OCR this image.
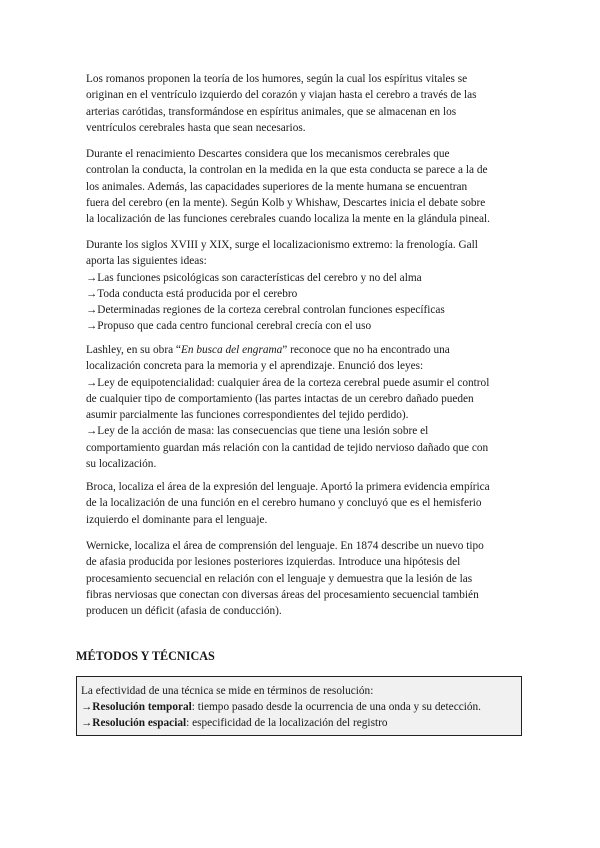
Los romanos proponen la teoría de los humores, según la cual los espíritus vitales se
originan en el ventrículo izquierdo del corazón y viajan hasta el cerebro a través de las
arterias carótidas, transformándose en espíritus animales, que se almacenan en los
ventrículos cerebrales hasta que sean necesarios.
Durante el renacimiento Descartes considera que los mecanismos cerebrales que
controlan la conducta, la controlan en la medida en la que esta conducta se parece a la de
los animales. Además, las capacidades superiores de la mente humana se encuentran
fuera del cerebro (en la mente). Según Kolb y Whishaw, Descartes inicia el debate sobre
la localización de las funciones cerebrales cuando localiza la mente en la glándula pineal.
Durante los siglos XVIII y XIX, surge el localizacionismo extremo: la frenología. Gall
aporta las siguientes ideas:
→Las funciones psicológicas son características del cerebro y no del alma
→Toda conducta está producida por el cerebro
→Determinadas regiones de la corteza cerebral controlan funciones específicas
→Propuso que cada centro funcional cerebral crecía con el uso
Lashley, en su obra “En busca del engrama” reconoce que no ha encontrado una
localización concreta para la memoria y el aprendizaje. Enunció dos leyes:
→Ley de equipotencialidad: cualquier área de la corteza cerebral puede asumir el control
de cualquier tipo de comportamiento (las partes intactas de un cerebro dañado pueden
asumir parcialmente las funciones correspondientes del tejido perdido).
→Ley de la acción de masa: las consecuencias que tiene una lesión sobre el
comportamiento guardan más relación con la cantidad de tejido nervioso dañado que con
su localización.
Broca, localiza el área de la expresión del lenguaje. Aportó la primera evidencia empírica
de la localización de una función en el cerebro humano y concluyó que es el hemisferio
izquierdo el dominante para el lenguaje.
Wernicke, localiza el área de comprensión del lenguaje. En 1874 describe un nuevo tipo
de afasia producida por lesiones posteriores izquierdas. Introduce una hipótesis del
procesamiento secuencial en relación con el lenguaje y demuestra que la lesión de las
fibras nerviosas que conectan con diversas áreas del procesamiento secuencial también
producen un déficit (afasia de conducción).
MÉTODOS Y TÉCNICAS
La efectividad de una técnica se mide en términos de resolución:
→Resolución temporal: tiempo pasado desde la ocurrencia de una onda y su detección.
→Resolución espacial: especificidad de la localización del registro
